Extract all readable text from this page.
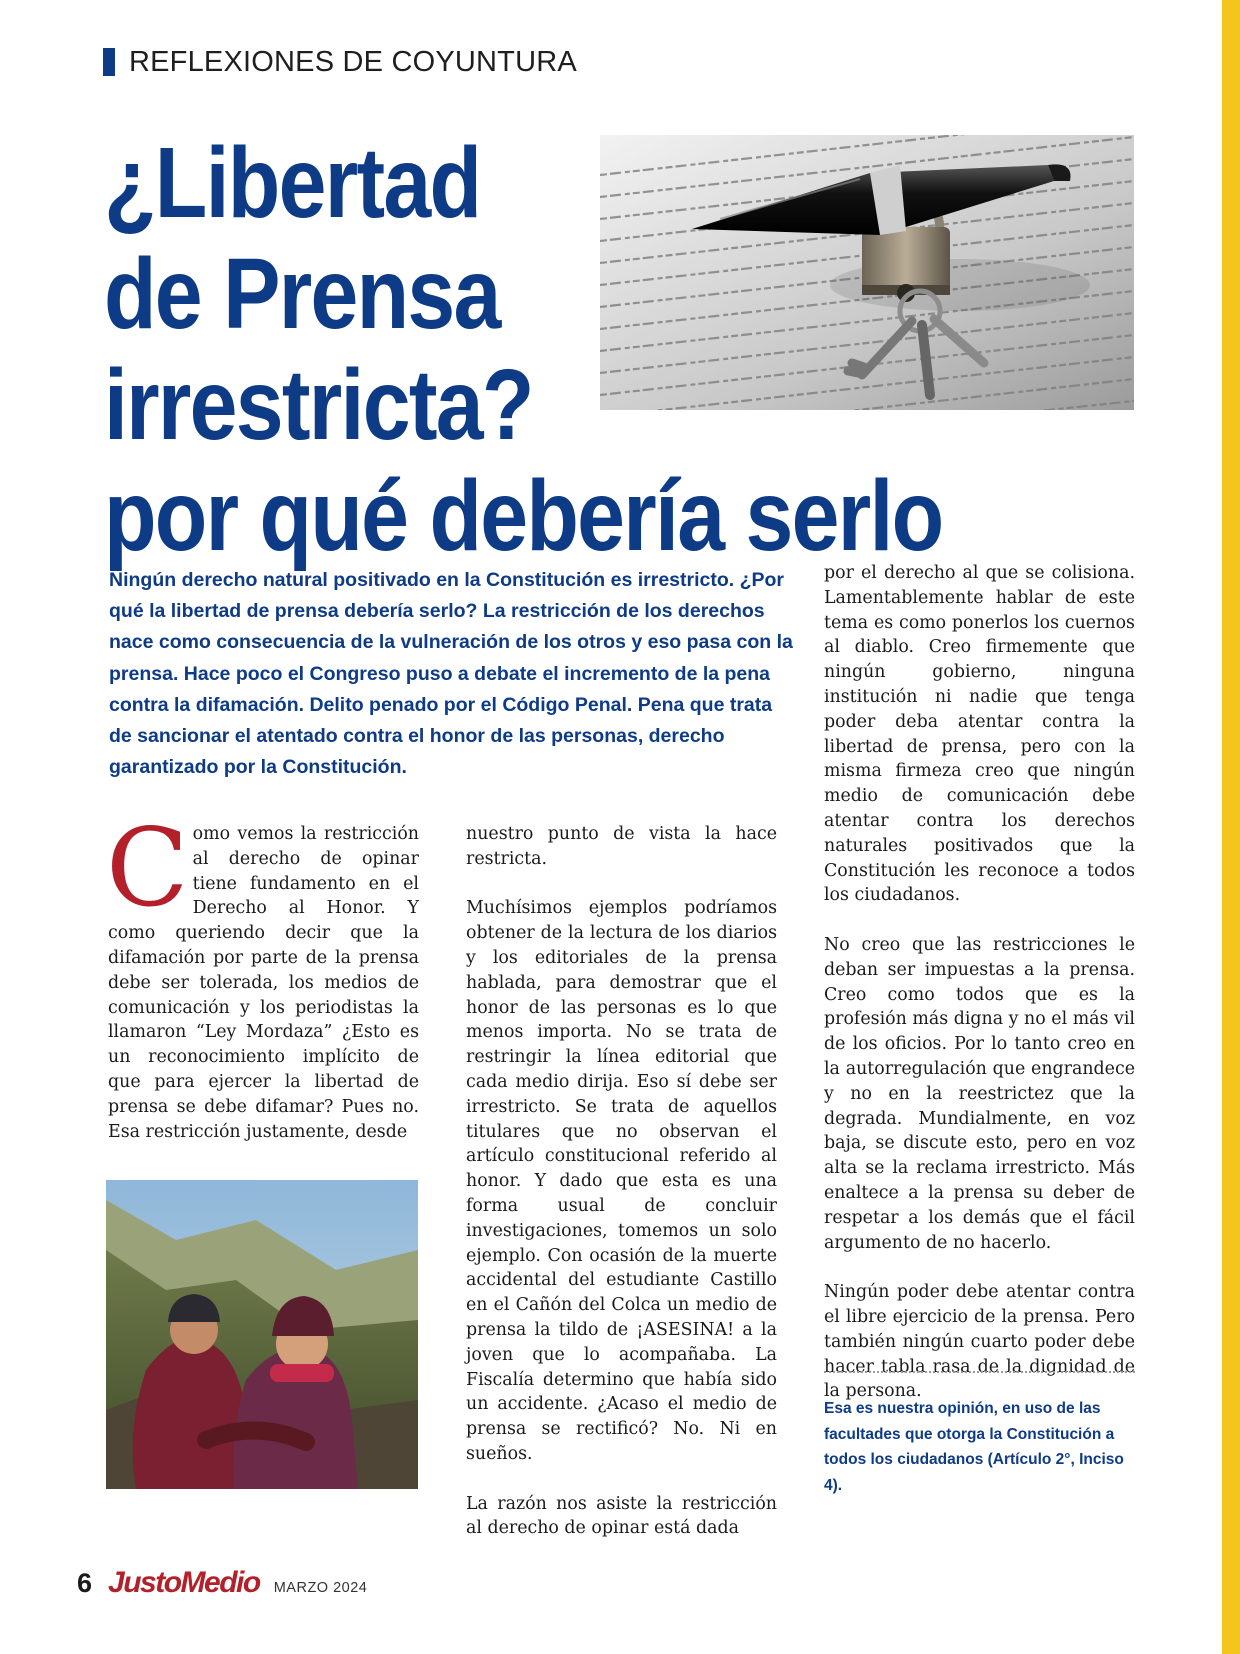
REFLEXIONES DE COYUNTURA
¿Libertad
de Prensa
irrestricta?
por qué debería serlo

Ningún derecho natural positivado en la Constitución es irrestricto. ¿Por qué la libertad de prensa debería serlo? La restricción de los derechos nace como consecuencia de la vulneración de los otros y eso pasa con la prensa. Hace poco el Congreso puso a debate el incremento de la pena contra la difamación. Delito penado por el Código Penal. Pena que trata de sancionar el atentado contra el honor de las personas, derecho garantizado por la Constitución.

Como vemos la restricción al derecho de opinar tiene fundamento en el Derecho al Honor. Y como queriendo decir que la difamación por parte de la prensa debe ser tolerada, los medios de comunicación y los periodistas la llamaron “Ley Mordaza” ¿Esto es un reconocimiento implícito de que para ejercer la libertad de prensa se debe difamar? Pues no. Esa restricción justamente, desde

nuestro punto de vista la hace restricta.

Muchísimos ejemplos podríamos obtener de la lectura de los diarios y los editoriales de la prensa hablada, para demostrar que el honor de las personas es lo que menos importa. No se trata de restringir la línea editorial que cada medio dirija. Eso sí debe ser irrestricto. Se trata de aquellos titulares que no observan el artículo constitucional referido al honor. Y dado que esta es una forma usual de concluir investigaciones, tomemos un solo ejemplo. Con ocasión de la muerte accidental del estudiante Castillo en el Cañón del Colca un medio de prensa la tildo de ¡ASESINA! a la joven que lo acompañaba. La Fiscalía determino que había sido un accidente. ¿Acaso el medio de prensa se rectificó? No. Ni en sueños.

La razón nos asiste la restricción al derecho de opinar está dada

por el derecho al que se colisiona. Lamentablemente hablar de este tema es como ponerlos los cuernos al diablo. Creo firmemente que ningún gobierno, ninguna institución ni nadie que tenga poder deba atentar contra la libertad de prensa, pero con la misma firmeza creo que ningún medio de comunicación debe atentar contra los derechos naturales positivados que la Constitución les reconoce a todos los ciudadanos.

No creo que las restricciones le deban ser impuestas a la prensa. Creo como todos que es la profesión más digna y no el más vil de los oficios. Por lo tanto creo en la autorregulación que engrandece y no en la reestrictez que la degrada. Mundialmente, en voz baja, se discute esto, pero en voz alta se la reclama irrestricto. Más enaltece a la prensa su deber de respetar a los demás que el fácil argumento de no hacerlo.

Ningún poder debe atentar contra el libre ejercicio de la prensa. Pero también ningún cuarto poder debe hacer tabla rasa de la dignidad de la persona.

Esa es nuestra opinión, en uso de las facultades que otorga la Constitución a todos los ciudadanos (Artículo 2°, Inciso 4).

6 JustoMedio MARZO 2024
